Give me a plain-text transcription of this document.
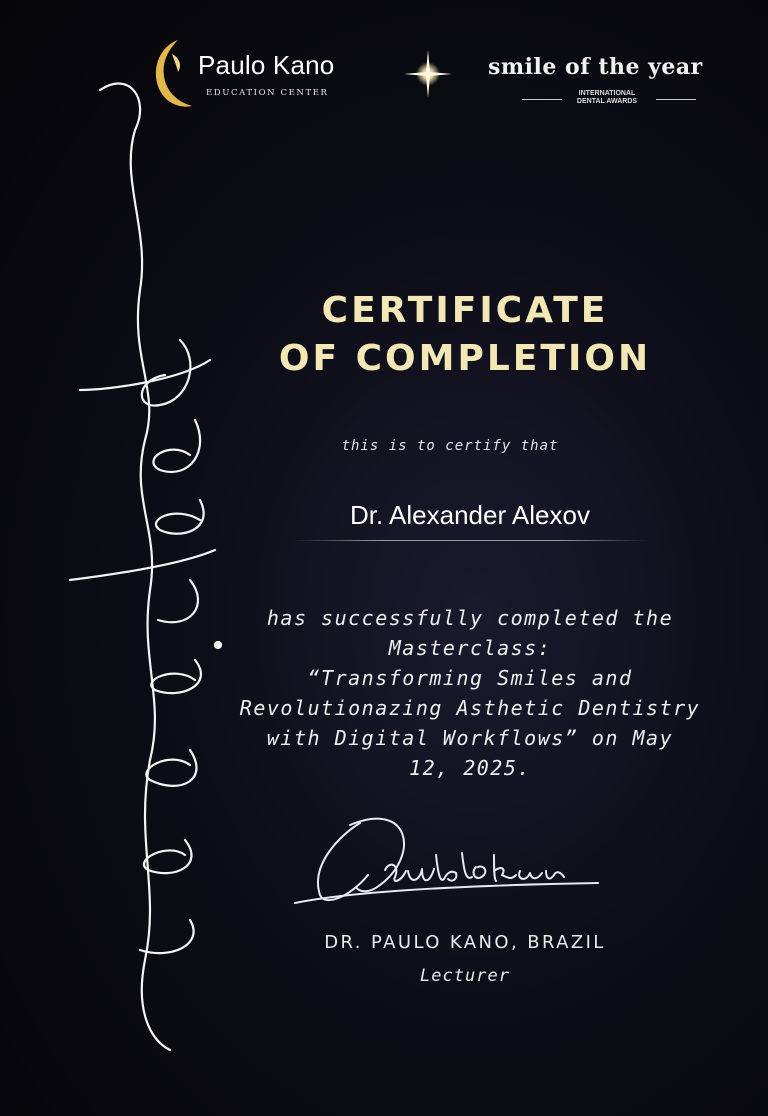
Paulo Kano
EDUCATION CENTER
smile of the year
INTERNATIONAL
DENTAL AWARDS
CERTIFICATE
OF COMPLETION
this is to certify that
Dr. Alexander Alexov
has successfully completed the
Masterclass:
“Transforming Smiles and
Revolutionazing Asthetic Dentistry
with Digital Workflows” on May
12, 2025.
DR. PAULO KANO, BRAZIL
Lecturer
